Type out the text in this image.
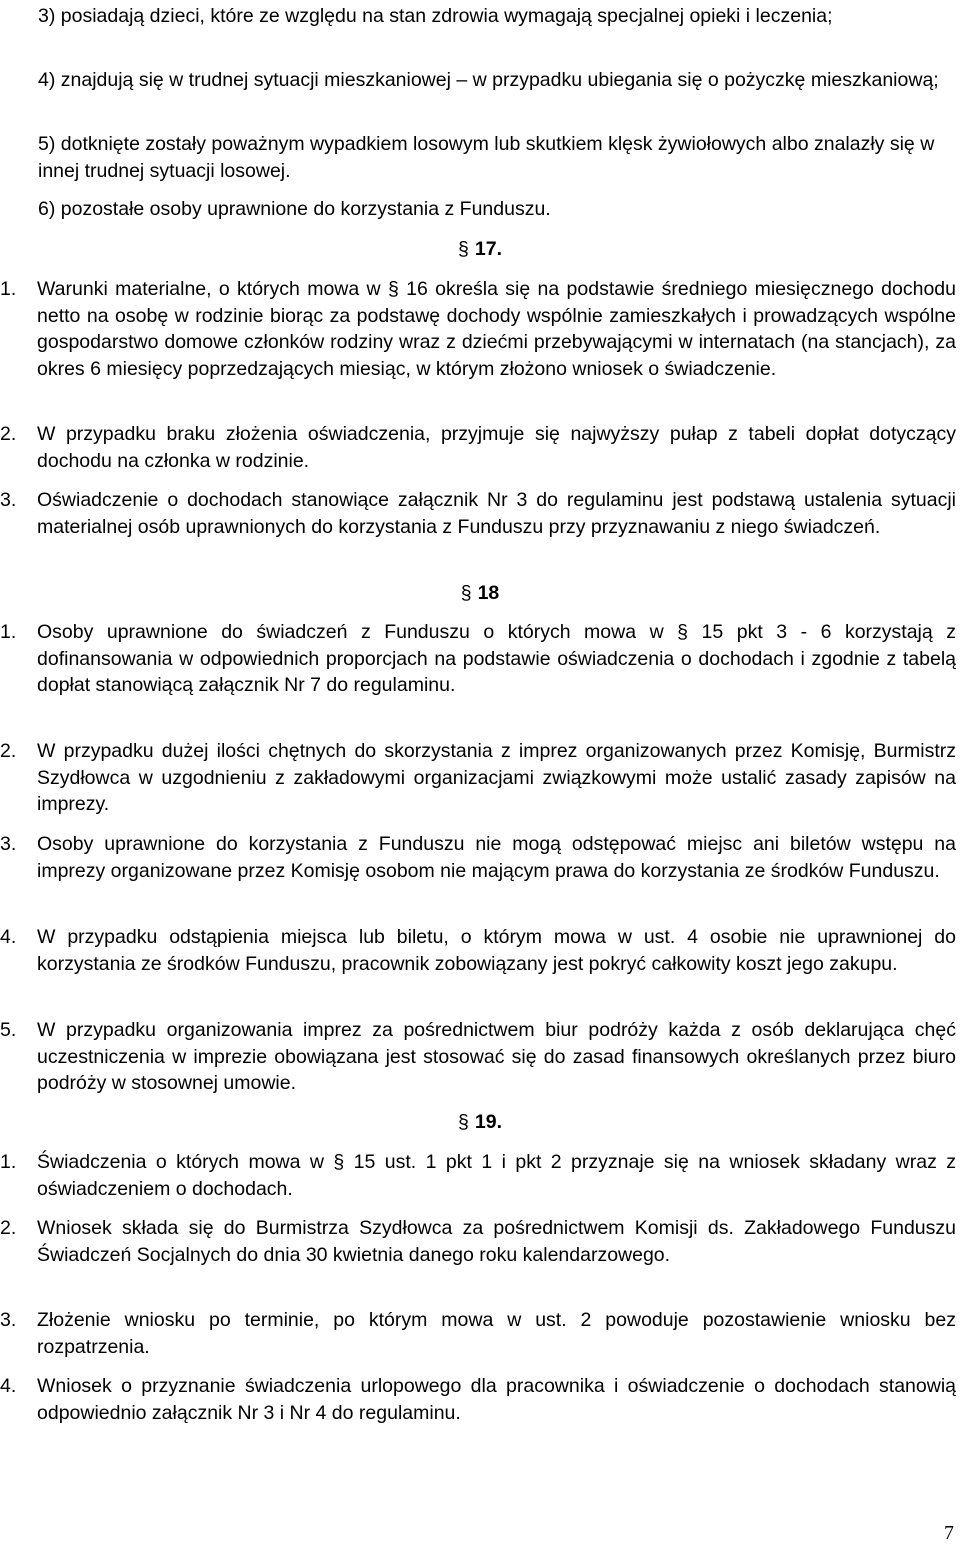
3) posiadają dzieci, które ze względu na stan zdrowia wymagają specjalnej opieki i leczenia;
4) znajdują się w trudnej sytuacji mieszkaniowej – w przypadku ubiegania się o pożyczkę mieszkaniową;
5) dotknięte zostały poważnym wypadkiem losowym lub skutkiem klęsk żywiołowych albo znalazły się w innej trudnej sytuacji losowej.
6) pozostałe osoby uprawnione do korzystania z Funduszu.
§ 17.
1. Warunki materialne, o których mowa w § 16 określa się na podstawie średniego miesięcznego dochodu netto na osobę w rodzinie biorąc za podstawę dochody wspólnie zamieszkałych i prowadzących wspólne gospodarstwo domowe członków rodziny wraz z dziećmi przebywającymi w internatach (na stancjach), za okres 6 miesięcy poprzedzających miesiąc, w którym złożono wniosek o świadczenie.
2. W przypadku braku złożenia oświadczenia, przyjmuje się najwyższy pułap z tabeli dopłat dotyczący dochodu na członka w rodzinie.
3. Oświadczenie o dochodach stanowiące załącznik Nr 3 do regulaminu jest podstawą ustalenia sytuacji materialnej osób uprawnionych do korzystania z Funduszu przy przyznawaniu z niego świadczeń.
§ 18
1. Osoby uprawnione do świadczeń z Funduszu o których mowa w § 15 pkt 3 - 6 korzystają z dofinansowania w odpowiednich proporcjach na podstawie oświadczenia o dochodach i zgodnie z tabelą dopłat stanowiącą załącznik Nr 7 do regulaminu.
2. W przypadku dużej ilości chętnych do skorzystania z imprez organizowanych przez Komisję, Burmistrz Szydłowca w uzgodnieniu z zakładowymi organizacjami związkowymi może ustalić zasady zapisów na imprezy.
3. Osoby uprawnione do korzystania z Funduszu nie mogą odstępować miejsc ani biletów wstępu na imprezy organizowane przez Komisję osobom nie mającym prawa do korzystania ze środków Funduszu.
4. W przypadku odstąpienia miejsca lub biletu, o którym mowa w ust. 4 osobie nie uprawnionej do korzystania ze środków Funduszu, pracownik zobowiązany jest pokryć całkowity koszt jego zakupu.
5. W przypadku organizowania imprez za pośrednictwem biur podróży każda z osób deklarująca chęć uczestniczenia w imprezie obowiązana jest stosować się do zasad finansowych określanych przez biuro podróży w stosownej umowie.
§ 19.
1. Świadczenia o których mowa w § 15 ust. 1 pkt 1 i pkt 2 przyznaje się na wniosek składany wraz z oświadczeniem o dochodach.
2. Wniosek składa się do Burmistrza Szydłowca za pośrednictwem Komisji ds. Zakładowego Funduszu Świadczeń Socjalnych do dnia 30 kwietnia danego roku kalendarzowego.
3. Złożenie wniosku po terminie, po którym mowa w ust. 2 powoduje pozostawienie wniosku bez rozpatrzenia.
4. Wniosek o przyznanie świadczenia urlopowego dla pracownika i oświadczenie o dochodach stanowią odpowiednio załącznik Nr 3 i Nr 4 do regulaminu.
7
